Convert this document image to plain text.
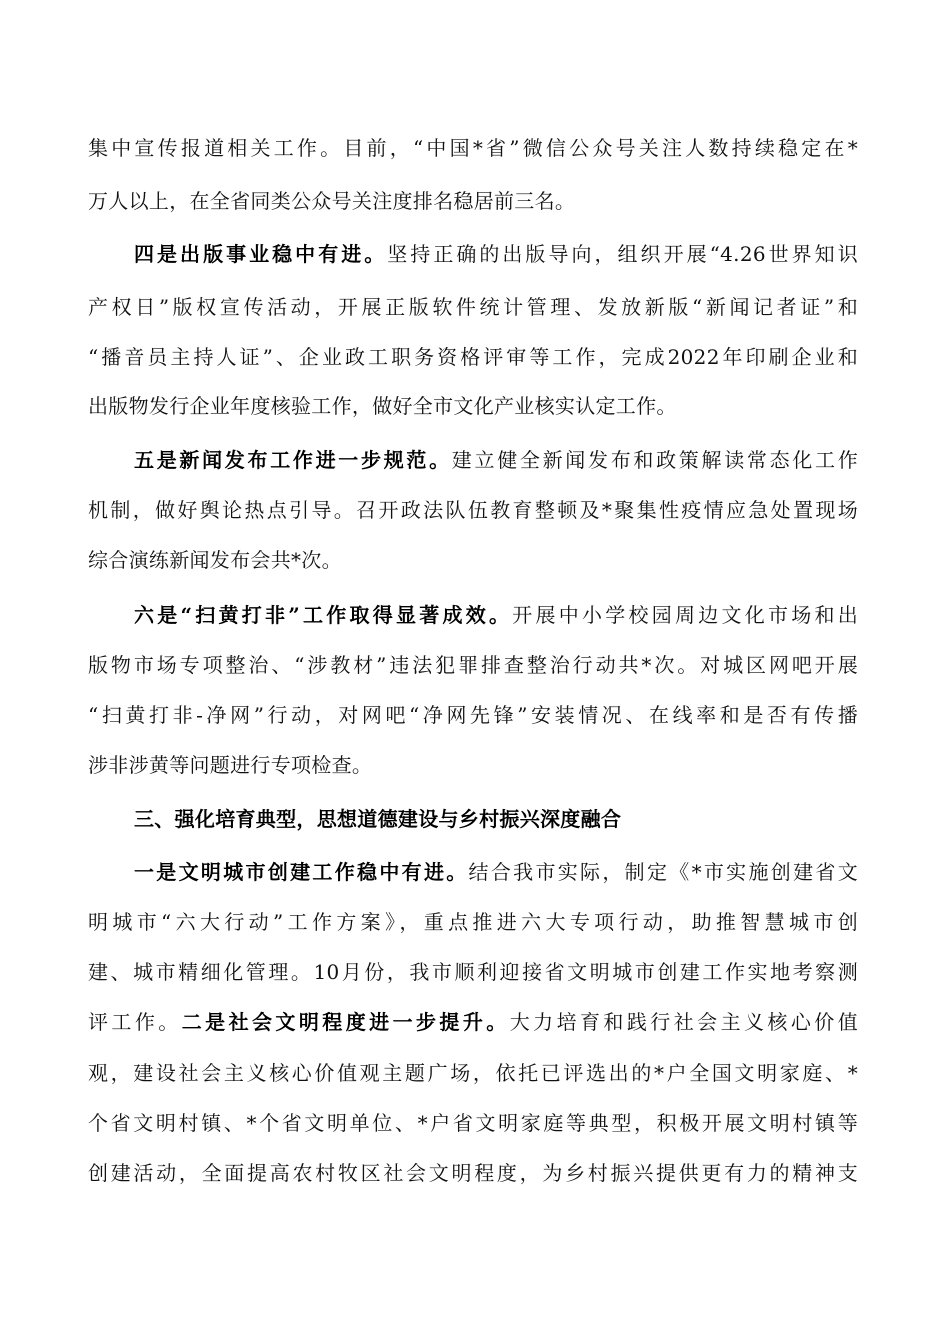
集中宣传报道相关工作。目前，“中国*省”微信公众号关注人数持续稳定在*
万人以上，在全省同类公众号关注度排名稳居前三名。
四是出版事业稳中有进。坚持正确的出版导向，组织开展“4.26世界知识
产权日”版权宣传活动，开展正版软件统计管理、发放新版“新闻记者证”和
“播音员主持人证”、企业政工职务资格评审等工作，完成2022年印刷企业和
出版物发行企业年度核验工作，做好全市文化产业核实认定工作。
五是新闻发布工作进一步规范。建立健全新闻发布和政策解读常态化工作
机制，做好舆论热点引导。召开政法队伍教育整顿及*聚集性疫情应急处置现场
综合演练新闻发布会共*次。
六是“扫黄打非”工作取得显著成效。开展中小学校园周边文化市场和出
版物市场专项整治、“涉教材”违法犯罪排查整治行动共*次。对城区网吧开展
“扫黄打非-净网”行动，对网吧“净网先锋”安装情况、在线率和是否有传播
涉非涉黄等问题进行专项检查。
三、强化培育典型，思想道德建设与乡村振兴深度融合
一是文明城市创建工作稳中有进。结合我市实际，制定《*市实施创建省文
明城市“六大行动”工作方案》，重点推进六大专项行动，助推智慧城市创
建、城市精细化管理。10月份，我市顺利迎接省文明城市创建工作实地考察测
评工作。二是社会文明程度进一步提升。大力培育和践行社会主义核心价值
观，建设社会主义核心价值观主题广场，依托已评选出的*户全国文明家庭、*
个省文明村镇、*个省文明单位、*户省文明家庭等典型，积极开展文明村镇等
创建活动，全面提高农村牧区社会文明程度，为乡村振兴提供更有力的精神支
